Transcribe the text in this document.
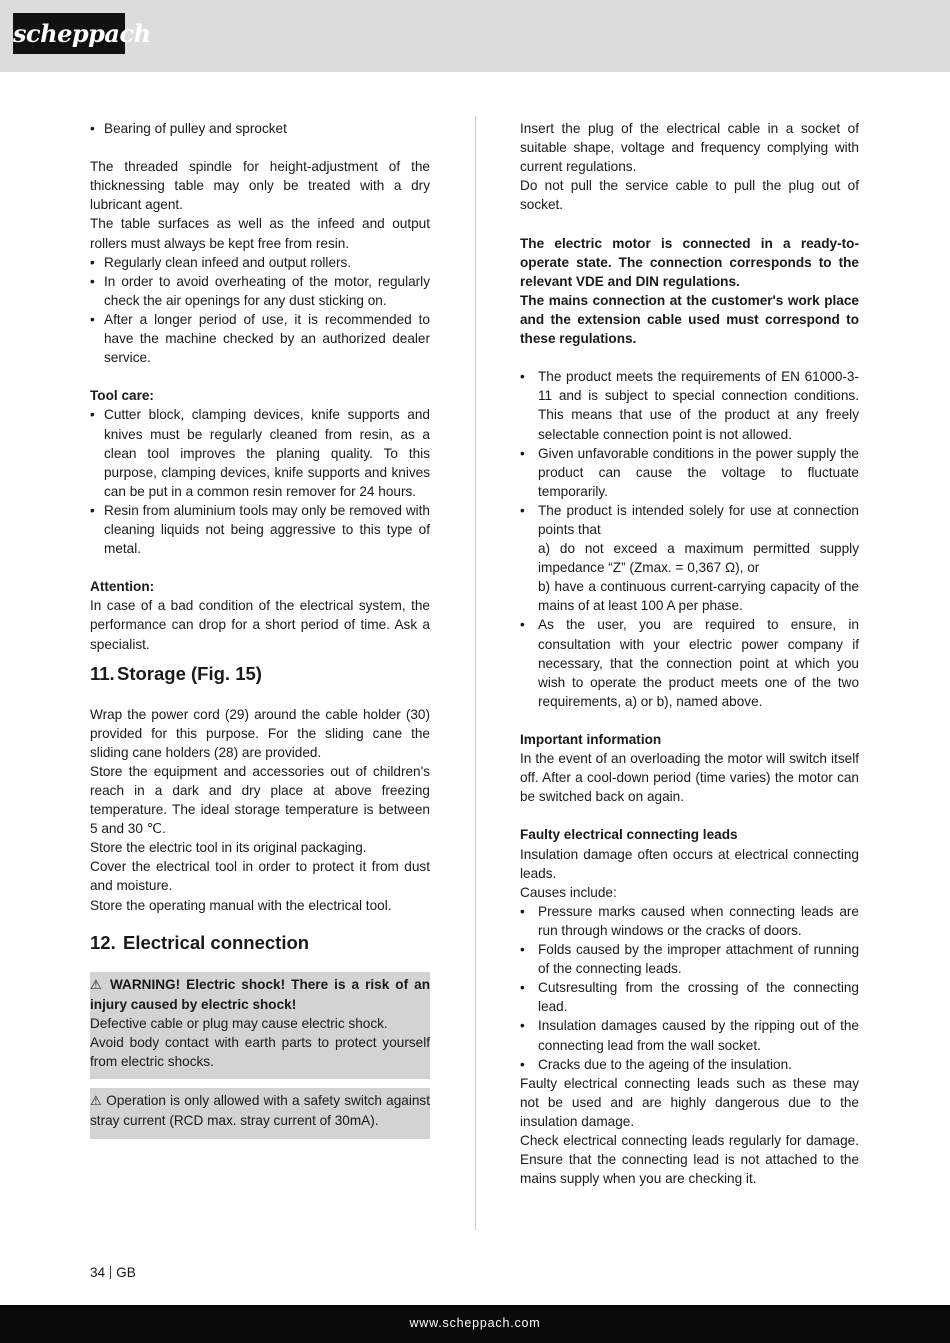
scheppach
• Bearing of pulley and sprocket

The threaded spindle for height-adjustment of the thicknessing table may only be treated with a dry lubricant agent.

The table surfaces as well as the infeed and output rollers must always be kept free from resin.

• Regularly clean infeed and output rollers.
• In order to avoid overheating of the motor, regularly check the air openings for any dust sticking on.
• After a longer period of use, it is recommended to have the machine checked by an authorized dealer service.

Tool care:

• Cutter block, clamping devices, knife supports and knives must be regularly cleaned from resin, as a clean tool improves the planing quality. To this purpose, clamping devices, knife supports and knives can be put in a common resin remover for 24 hours.
• Resin from aluminium tools may only be removed with cleaning liquids not being aggressive to this type of metal.

Attention:

In case of a bad condition of the electrical system, the performance can drop for a short period of time. Ask a specialist.

11. Storage (Fig. 15)

Wrap the power cord (29) around the cable holder (30) provided for this purpose. For the sliding cane the sliding cane holders (28) are provided.

Store the equipment and accessories out of children's reach in a dark and dry place at above freezing temperature. The ideal storage temperature is between 5 and 30 ℃.

Store the electric tool in its original packaging.

Cover the electrical tool in order to protect it from dust and moisture.

Store the operating manual with the electrical tool.

12. Electrical connection

⚠ WARNING! Electric shock! There is a risk of an injury caused by electric shock!

Defective cable or plug may cause electric shock.

Avoid body contact with earth parts to protect yourself from electric shocks.

⚠ Operation is only allowed with a safety switch against stray current (RCD max. stray current of 30mA).

Insert the plug of the electrical cable in a socket of suitable shape, voltage and frequency complying with current regulations.

Do not pull the service cable to pull the plug out of socket.

The electric motor is connected in a ready-to-operate state. The connection corresponds to the relevant VDE and DIN regulations.

The mains connection at the customer's work place and the extension cable used must correspond to these regulations.

• The product meets the requirements of EN 61000-3-11 and is subject to special connection conditions. This means that use of the product at any freely selectable connection point is not allowed.
• Given unfavorable conditions in the power supply the product can cause the voltage to fluctuate temporarily.
• The product is intended solely for use at connection points that
a) do not exceed a maximum permitted supply impedance “Z” (Zmax. = 0,367 Ω), or
b) have a continuous current-carrying capacity of the mains of at least 100 A per phase.
• As the user, you are required to ensure, in consultation with your electric power company if necessary, that the connection point at which you wish to operate the product meets one of the two requirements, a) or b), named above.

Important information

In the event of an overloading the motor will switch itself off. After a cool-down period (time varies) the motor can be switched back on again.

Faulty electrical connecting leads

Insulation damage often occurs at electrical connecting leads.

Causes include:

• Pressure marks caused when connecting leads are run through windows or the cracks of doors.
• Folds caused by the improper attachment of running of the connecting leads.
• Cutsresulting from the crossing of the connecting lead.
• Insulation damages caused by the ripping out of the connecting lead from the wall socket.
• Cracks due to the ageing of the insulation.

Faulty electrical connecting leads such as these may not be used and are highly dangerous due to the insulation damage.

Check electrical connecting leads regularly for damage. Ensure that the connecting lead is not attached to the mains supply when you are checking it.

34 GB
www.scheppach.com
